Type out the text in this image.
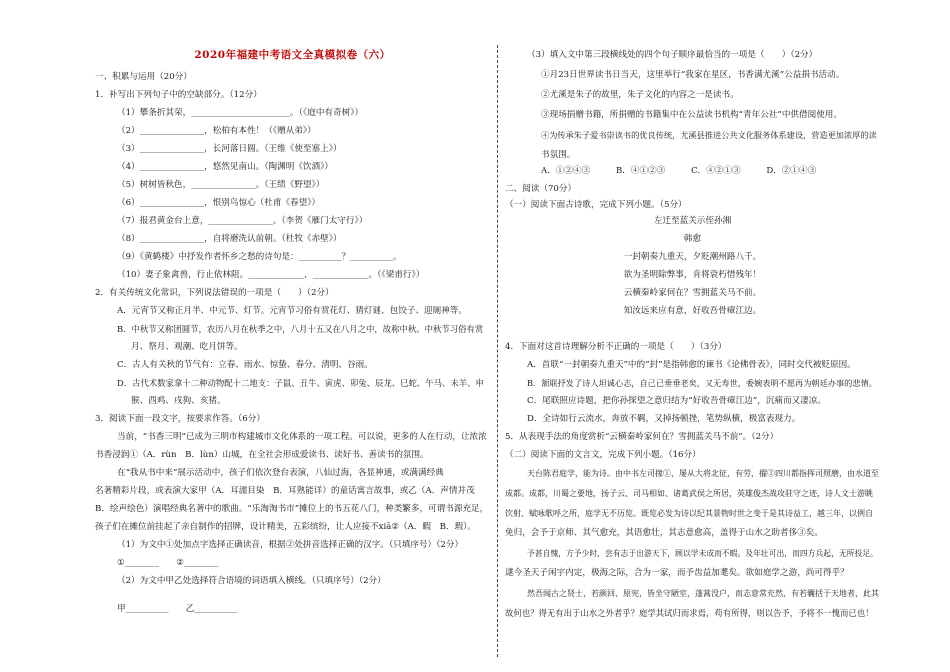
2020年福建中考语文全真模拟卷（六）
一、积累与运用（20分）
1．补写出下列句子中的空缺部分。（12分）
（1）攀条折其荣，_______________________。（《庭中有奇树》）
（2）_______________，松柏有本性！（《赠从弟》）
（3）_______________，长河落日圆。（王维《使至塞上》）
（4）_______________，悠然见南山。（陶渊明《饮酒》）
（5）树树皆秋色，_______________。（王绩《野望》）
（6）_______________，恨别鸟惊心（杜甫《春望》）
（7）报君黄金台上意，_______________。（李贺《雁门太守行》）
（8）_______________，自将磨洗认前朝。（杜牧《赤壁》）
（9）《黄鹤楼》中抒发作者怀乡之愁的诗句是：__________？__________。
（10）妻子象禽兽，行止依林阻。_____________，_____________。（《梁甫行》）
2．有关传统文化常识，下列说法错误的一项是（　　）（2分）
A．元宵节又称正月半、中元节、灯节。元宵节习俗有赏花灯、猜灯谜、包饺子、迎厕神等。
B．中秋节又称团圆节，农历八月在秋季之中，八月十五又在八月之中，故称中秋。中秋节习俗有赏
月、祭月、观潮、吃月饼等。
C．古人有关秋的节气有：立春、雨水、惊蛰、春分、清明、谷雨。
D．古代术数家拿十二种动物配十二地支：子鼠、丑牛、寅虎、卯兔、辰龙、巳蛇、午马、未羊、申
猴、酉鸡、戌狗、亥猪。
3．阅读下面一段文字，按要求作答。（6分）
当前，“书香三明”已成为三明市构建城市文化体系的一项工程。可以说，更多的人在行动，让浓浓
书香浸润①（A．rùn　B．lùn）山城，在全社会形成爱读书、读好书、善读书的氛围。
在“我从书中来”展示活动中，孩子们依次登台表演，八仙过海，各显神通，或满满经典
名著精彩片段，或表演大家甲（A．耳濡目染　B．耳熟能详）的童话寓言故事，或乙（A．声情并茂
B．绘声绘色）演唱经典名著中的歌曲。“乐淘淘书市”摊位上的书五花八门，种类繁多，可谓书源充足，
孩子们在摊位前挂起了亲自制作的招牌，设计精美，五彩缤纷，让人应接不xiā②（A．暇　B．瑕）。
（1）为文中①处加点字选择正确读音，根据②处拼音选择正确的汉字。（只填序号）（2分）
①________　　②________
（2）为文中甲乙处选择符合语境的词语填入横线。（只填序号）（2分）
甲__________　　乙__________
（3）填入文中第三段横线处的四个句子顺序最恰当的一项是（　　）（2分）
①月23日世界读书日当天，这里举行“我家在星区，书香满尤溪”公益捐书活动。
②尤溪是朱子的故里，朱子文化的内容之一是读书。
③现场捐赠书籍，所捐赠的书籍集中在公益读书机构“青年公社”中供借阅使用。
④为传承朱子爱书崇读书的优良传统，尤溪县推进公共文化服务体系建设，营造更加浓厚的读
书氛围。
A．①②④③　　　B．④①②③　　　C．④②①③　　　D．②①④③
二、阅读（70分）
（一）阅读下面古诗歌，完成下列小题。（5分）
左迁至蓝关示侄孙湘
韩愈
一封朝奏九重天，夕贬潮州路八千。
欲为圣明除弊事，肯将衰朽惜残年！
云横秦岭家何在？雪拥蓝关马不前。
知汝远来应有意，好收吾骨瘴江边。
4．下面对这首诗理解分析不正确的一项是（　　）（3分）
A．首联“一封朝奏九重天”中的“封”是指韩愈的谏书《论佛骨表》，同时交代被贬原因。
B．颔联抒发了诗人坦诚心志，自己已垂垂老矣，又无寿世，委婉表明不愿再为朝廷办事的悲情。
C．尾联照应诗题，把你孙探望之意归结为“好收吾骨瘴江边”，沉痛而又凄凉。
D．全诗如行云流水，奔放不羁，又掉扬顿挫，笔势纵横，极富表现力。
5．从表现手法的角度赏析“云横秦岭家何在？雪拥蓝关马不前”。（2分）
（二）阅读下面的文言文，完成下列小题。（16分）
天台陈君庭学，能为诗。由中书左司掾①，屡从大将北征，有劳，擢②四川都指挥司照磨，由水道至
成都。成都，川蜀之要地，扬子云、司马相如、诸葛武侯之所居，英雄俊杰战攻驻守之迹，诗人文士游眺
饮射、赋咏歌呼之所，庭学无不历览。既览必发为诗以纪其景物时世之变于是其诗益工，越三年，以例自
免归，会予于京师、其气愈充，其语愈壮，其志意愈高，盖得于山水之助者侈③矣。
予甚自愧，方予少时，尝有志于出游天下，顾以学未成而不暇。及年壮可出，而四方兵起，无所投足。
逮今圣天子闲宇内定，极海之际，合为一家，而予齿益加耄矣。欲如庭学之游，尚可得乎？
然吾闻古之贤士，若颜回、原宪，皆坐守陋室，蓬蒿没户，而志意常充然，有若囊括于天地者，此其
故何也？得无有出于山水之外者乎？庭学其试归而求焉，苟有所得，则以告予，予将不一愧而已也！
